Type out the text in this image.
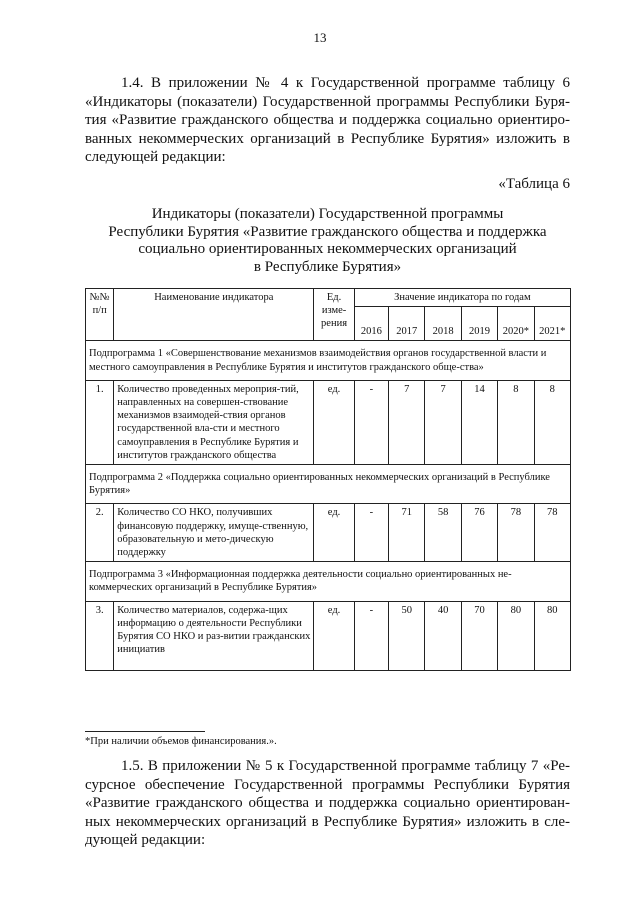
13

1.4. В приложении № 4 к Государственной программе таблицу 6
«Индикаторы (показатели) Государственной программы Республики Буря-
тия «Развитие гражданского общества и поддержка социально ориентиро-
ванных некоммерческих организаций в Республике Бурятия» изложить в
следующей редакции:

«Таблица 6
Индикаторы (показатели) Государственной программы
Республики Бурятия «Развитие гражданского общества и поддержка
социально ориентированных некоммерческих организаций
в Республике Бурятия»
№№ п/п	Наименование индикатора	Ед. изме- рения	Значение индикатора по годам					
			2016	2017	2018	2019	2020*	2021*
Подпрограмма 1 «Совершенствование механизмов взаимодействия органов государственной власти и местного самоуправления в Республике Бурятия и институтов гражданского обще-ства»								
1.	Количество проведенных мероприя-тий, направленных на совершен-ствование механизмов взаимодей-ствия органов государственной вла-сти и местного самоуправления в Республике Бурятия и институтов гражданского общества	ед.	-	7	7	14	8	8
Подпрограмма 2 «Поддержка социально ориентированных некоммерческих организаций в Республике Бурятия»								
2.	Количество СО НКО, получивших финансовую поддержку, имуще-ственную, образовательную и мето-дическую поддержку	ед.	-	71	58	76	78	78
Подпрограмма 3 «Информационная поддержка деятельности социально ориентированных не-коммерческих организаций в Республике Бурятия»								
3.	Количество материалов, содержа-щих информацию о деятельности Республики Бурятия СО НКО и раз-витии гражданских инициатив	ед.	-	50	40	70	80	80
*При наличии объемов финансирования.».

1.5. В приложении № 5 к Государственной программе таблицу 7 «Ре-
сурсное обеспечение Государственной программы Республики Бурятия
«Развитие гражданского общества и поддержка социально ориентирован-
ных некоммерческих организаций в Республике Бурятия» изложить в сле-
дующей редакции:
